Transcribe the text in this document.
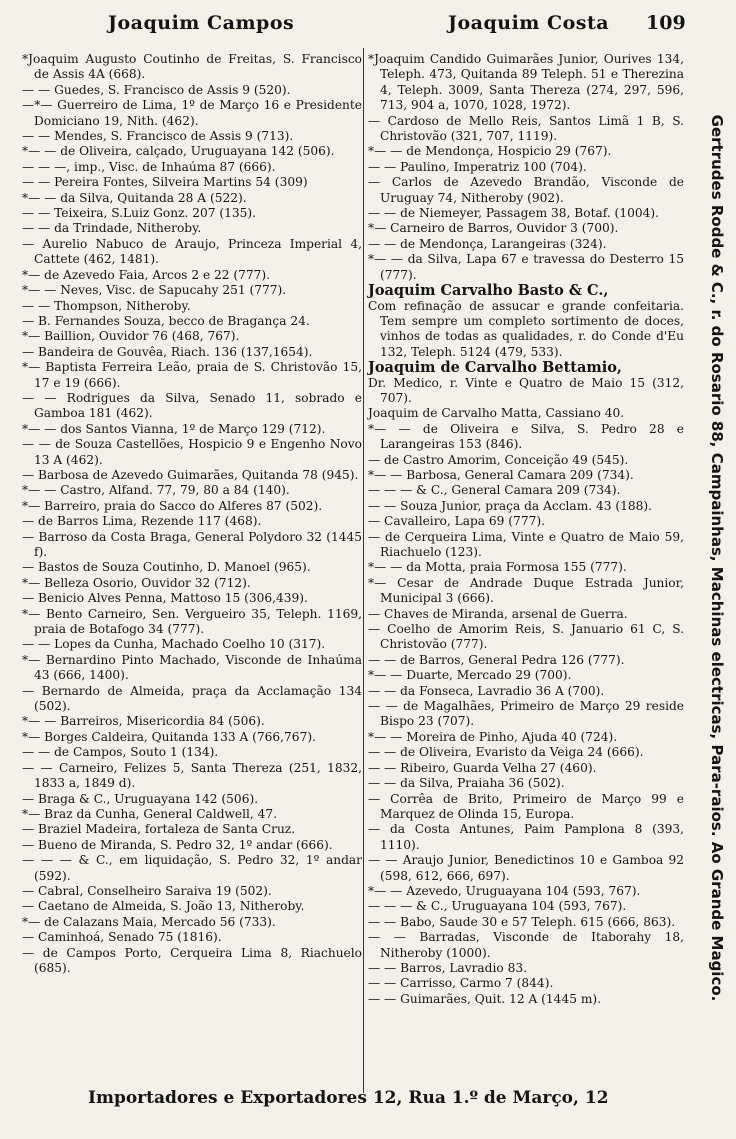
Joaquim Campos	Joaquim Costa 109
*Joaquim Augusto Coutinho de Freitas, S. Francisco de Assis 4A (668).
— — Guedes, S. Francisco de Assis 9 (520).
—*— Guerreiro de Lima, 1º de Março 16 e Presidente Domiciano 19, Nith. (462).
— — Mendes, S. Francisco de Assis 9 (713).
*— — de Oliveira, calçado, Uruguayana 142 (506).
— — —, imp., Visc. de Inhaúma 87 (666).
— — Pereira Fontes, Silveira Martins 54 (309)
*— — da Silva, Quitanda 28 A (522).
— — Teixeira, S.Luiz Gonz. 207 (135).
— — da Trindade, Nitheroby.
— Aurelio Nabuco de Araujo, Princeza Imperial 4, Cattete (462, 1481).
*— de Azevedo Faia, Arcos 2 e 22 (777).
*— — Neves, Visc. de Sapucahy 251 (777).
— — Thompson, Nitheroby.
— B. Fernandes Souza, becco de Bragança 24.
*— Baillion, Ouvidor 76 (468, 767).
— Bandeira de Gouvêa, Riach. 136 (137,1654).
*— Baptista Ferreira Leão, praia de S. Christovão 15, 17 e 19 (666).
— — Rodrigues da Silva, Senado 11, sobrado e Gamboa 181 (462).
*— — dos Santos Vianna, 1º de Março 129 (712).
— — de Souza Castellões, Hospicio 9 e Engenho Novo 13 A (462).
— Barbosa de Azevedo Guimarães, Quitanda 78 (945).
*— — Castro, Alfand. 77, 79, 80 a 84 (140).
*— Barreiro, praia do Sacco do Alferes 87 (502).
— de Barros Lima, Rezende 117 (468).
— Barroso da Costa Braga, General Polydoro 32 (1445 f).
— Bastos de Souza Coutinho, D. Manoel (965).
*— Belleza Osorio, Ouvidor 32 (712).
— Benicio Alves Penna, Mattoso 15 (306,439).
*— Bento Carneiro, Sen. Vergueiro 35, Teleph. 1169, praia de Botafogo 34 (777).
— — Lopes da Cunha, Machado Coelho 10 (317).
*— Bernardino Pinto Machado, Visconde de Inhaúma 43 (666, 1400).
— Bernardo de Almeida, praça da Acclamação 134 (502).
*— — Barreiros, Misericordia 84 (506).
*— Borges Caldeira, Quitanda 133 A (766,767).
— — de Campos, Souto 1 (134).
— — Carneiro, Felizes 5, Santa Thereza (251, 1832, 1833 a, 1849 d).
— Braga & C., Uruguayana 142 (506).
*— Braz da Cunha, General Caldwell, 47.
— Braziel Madeira, fortaleza de Santa Cruz.
— Bueno de Miranda, S. Pedro 32, 1º andar (666).
— — — & C., em liquidação, S. Pedro 32, 1º andar (592).
— Cabral, Conselheiro Saraiva 19 (502).
— Caetano de Almeida, S. João 13, Nitheroby.
*— de Calazans Maia, Mercado 56 (733).
— Caminhoá, Senado 75 (1816).
— de Campos Porto, Cerqueira Lima 8, Riachuelo (685).
*Joaquim Candido Guimarães Junior, Ourives 134, Teleph. 473, Quitanda 89 Teleph. 51 e Therezina 4, Teleph. 3009, Santa Thereza (274, 297, 596, 713, 904 a, 1070, 1028, 1972).
— Cardoso de Mello Reis, Santos Limã 1 B, S. Christovão (321, 707, 1119).
*— — de Mendonça, Hospicio 29 (767).
— — Paulino, Imperatriz 100 (704).
— Carlos de Azevedo Brandão, Visconde de Uruguay 74, Nitheroby (902).
— — de Niemeyer, Passagem 38, Botaf. (1004).
*— Carneiro de Barros, Ouvidor 3 (700).
— — de Mendonça, Larangeiras (324).
*— — da Silva, Lapa 67 e travessa do Desterro 15 (777).
Joaquim Carvalho Basto & C.,
Com refinação de assucar e grande confeitaria. Tem sempre um completo sortimento de doces, vinhos de todas as qualidades, r. do Conde d'Eu 132, Teleph. 5124 (479, 533).
Joaquim de Carvalho Bettamio,
Dr. Medico, r. Vinte e Quatro de Maio 15 (312, 707).
Joaquim de Carvalho Matta, Cassiano 40.
*— — de Oliveira e Silva, S. Pedro 28 e Larangeiras 153 (846).
— de Castro Amorim, Conceição 49 (545).
*— — Barbosa, General Camara 209 (734).
— — — & C., General Camara 209 (734).
— — Souza Junior, praça da Acclam. 43 (188).
— Cavalleiro, Lapa 69 (777).
— de Cerqueira Lima, Vinte e Quatro de Maio 59, Riachuelo (123).
*— — da Motta, praia Formosa 155 (777).
*— Cesar de Andrade Duque Estrada Junior, Municipal 3 (666).
— Chaves de Miranda, arsenal de Guerra.
— Coelho de Amorim Reis, S. Januario 61 C, S. Christovão (777).
— — de Barros, General Pedra 126 (777).
*— — Duarte, Mercado 29 (700).
— — da Fonseca, Lavradio 36 A (700).
— — de Magalhães, Primeiro de Março 29 reside Bispo 23 (707).
*— — Moreira de Pinho, Ajuda 40 (724).
— — de Oliveira, Evaristo da Veiga 24 (666).
— — Ribeiro, Guarda Velha 27 (460).
— — da Silva, Praiaha 36 (502).
— Corrêa de Brito, Primeiro de Março 99 e Marquez de Olinda 15, Europa.
— da Costa Antunes, Paim Pamplona 8 (393, 1110).
— — Araujo Junior, Benedictinos 10 e Gamboa 92 (598, 612, 666, 697).
*— — Azevedo, Uruguayana 104 (593, 767).
— — — & C., Uruguayana 104 (593, 767).
— — Babo, Saude 30 e 57 Teleph. 615 (666, 863).
— — Barradas, Visconde de Itaborahy 18, Nitheroby (1000).
— — Barros, Lavradio 83.
— — Carrisso, Carmo 7 (844).
— — Guimarães, Quit. 12 A (1445 m).	Gertrudes Rodde & C., r. do Rosario 88, Campainhas, Machinas electricas, Para-raios. Ao Grande Magico.
Importadores e Exportadores 12, Rua 1.º de Março, 12
